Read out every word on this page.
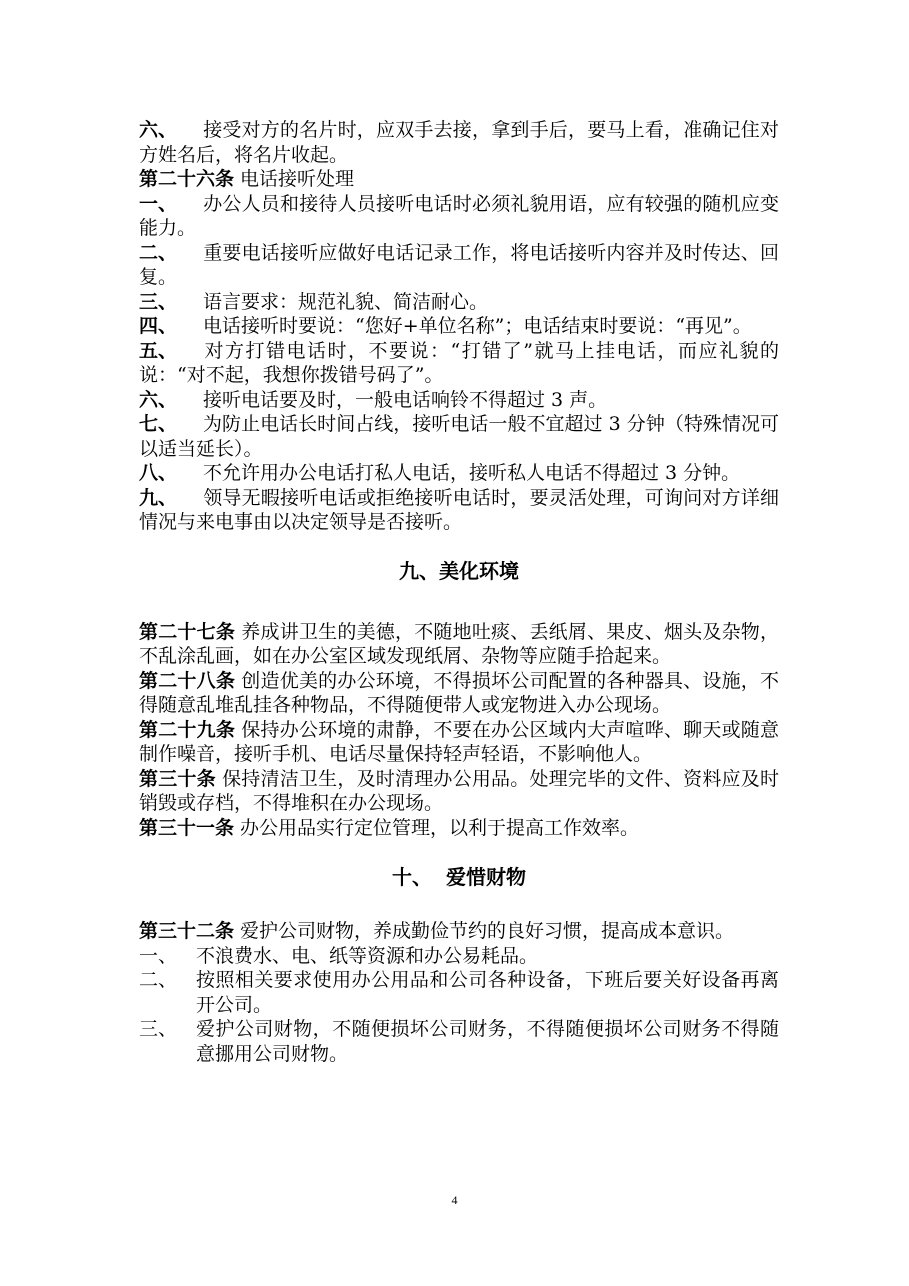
六、 接受对方的名片时，应双手去接，拿到手后，要马上看，准确记住对方姓名后，将名片收起。

第二十六条 电话接听处理

一、 办公人员和接待人员接听电话时必须礼貌用语，应有较强的随机应变能力。

二、 重要电话接听应做好电话记录工作，将电话接听内容并及时传达、回复。

三、 语言要求：规范礼貌、简洁耐心。

四、 电话接听时要说：“您好+单位名称”；电话结束时要说：“再见”。

五、 对方打错电话时，不要说：“打错了”就马上挂电话，而应礼貌的说：“对不起，我想你拨错号码了”。

六、 接听电话要及时，一般电话响铃不得超过 3 声。

七、 为防止电话长时间占线，接听电话一般不宜超过 3 分钟（特殊情况可以适当延长）。

八、 不允许用办公电话打私人电话，接听私人电话不得超过 3 分钟。

九、 领导无暇接听电话或拒绝接听电话时，要灵活处理，可询问对方详细情况与来电事由以决定领导是否接听。

九、美化环境

第二十七条 养成讲卫生的美德，不随地吐痰、丢纸屑、果皮、烟头及杂物，不乱涂乱画，如在办公室区域发现纸屑、杂物等应随手拾起来。

第二十八条 创造优美的办公环境，不得损坏公司配置的各种器具、设施，不得随意乱堆乱挂各种物品，不得随便带人或宠物进入办公现场。

第二十九条 保持办公环境的肃静，不要在办公区域内大声喧哗、聊天或随意制作噪音，接听手机、电话尽量保持轻声轻语，不影响他人。

第三十条 保持清洁卫生，及时清理办公用品。处理完毕的文件、资料应及时销毁或存档，不得堆积在办公现场。

第三十一条 办公用品实行定位管理，以利于提高工作效率。

十、  爱惜财物

第三十二条 爱护公司财物，养成勤俭节约的良好习惯，提高成本意识。

一、 不浪费水、电、纸等资源和办公易耗品。

二、 按照相关要求使用办公用品和公司各种设备，下班后要关好设备再离开公司。

三、 爱护公司财物，不随便损坏公司财务，不得随便损坏公司财务不得随意挪用公司财物。

4
